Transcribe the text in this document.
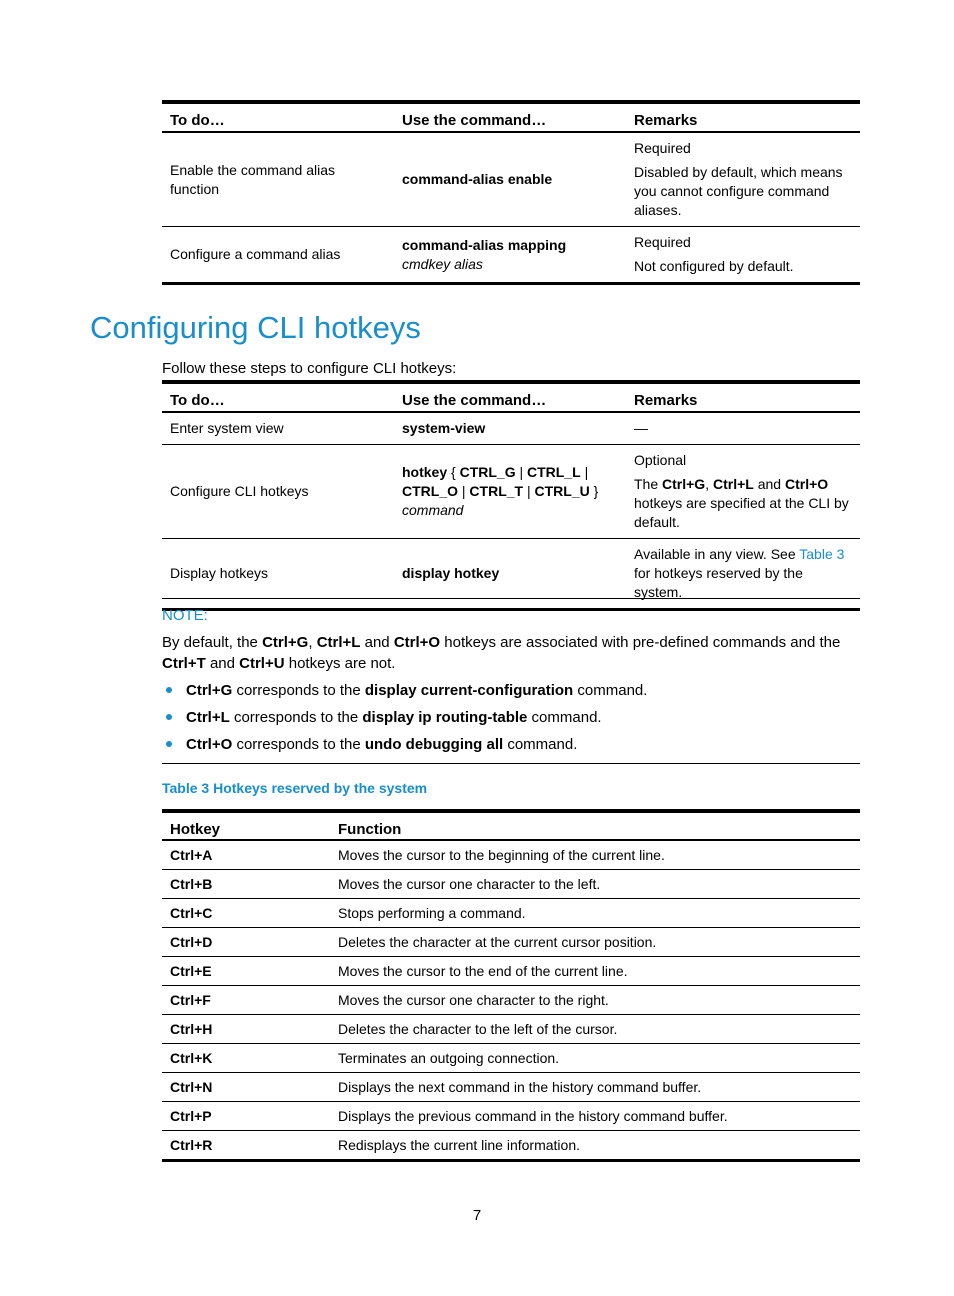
To do…	Use the command…	Remarks
Enable the command alias function	command-alias enable	Required

Disabled by default, which means you cannot configure command aliases.

Configure a command alias	command-alias mapping cmdkey alias	Required

Not configured by default.

Configuring CLI hotkeys

Follow these steps to configure CLI hotkeys:

To do…	Use the command…	Remarks
Enter system view	system-view	—
Configure CLI hotkeys	hotkey { CTRL_G | CTRL_L | CTRL_O | CTRL_T | CTRL_U } command	Optional

The Ctrl+G, Ctrl+L and Ctrl+O hotkeys are specified at the CLI by default.

Display hotkeys	display hotkey	Available in any view. See Table 3 for hotkeys reserved by the system.

NOTE:

By default, the Ctrl+G, Ctrl+L and Ctrl+O hotkeys are associated with pre-defined commands and the Ctrl+T and Ctrl+U hotkeys are not.

Ctrl+G corresponds to the display current-configuration command.
Ctrl+L corresponds to the display ip routing-table command.
Ctrl+O corresponds to the undo debugging all command.

Table 3 Hotkeys reserved by the system

Hotkey	Function
Ctrl+A	Moves the cursor to the beginning of the current line.
Ctrl+B	Moves the cursor one character to the left.
Ctrl+C	Stops performing a command.
Ctrl+D	Deletes the character at the current cursor position.
Ctrl+E	Moves the cursor to the end of the current line.
Ctrl+F	Moves the cursor one character to the right.
Ctrl+H	Deletes the character to the left of the cursor.
Ctrl+K	Terminates an outgoing connection.
Ctrl+N	Displays the next command in the history command buffer.
Ctrl+P	Displays the previous command in the history command buffer.
Ctrl+R	Redisplays the current line information.
7
